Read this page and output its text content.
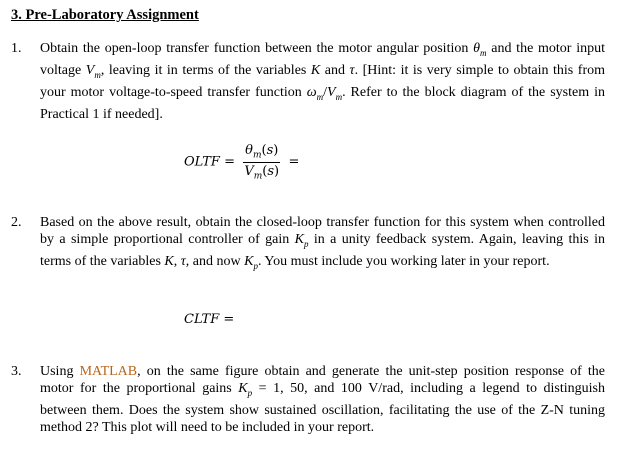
3. Pre-Laboratory Assignment
1.	Obtain the open-loop transfer function between the motor angular position $\theta_m$ and the motor input voltage $V_m$, leaving it in terms of the variables K and τ. [Hint: it is very simple to obtain this from your motor voltage-to-speed transfer function $\omega_m/V_m$. Refer to the block diagram of the system in Practical 1 if needed].
OLTF = $\frac{\theta_m(s)}{V_m(s)}$ =
2.	Based on the above result, obtain the closed-loop transfer function for this system when controlled by a simple proportional controller of gain $K_p$ in a unity feedback system. Again, leaving this in terms of the variables K, τ, and now $K_p$. You must include you working later in your report.
CLTF =
3.	Using MATLAB, on the same figure obtain and generate the unit-step position response of the motor for the proportional gains $K_p = 1$, 50, and 100 V/rad, including a legend to distinguish between them. Does the system show sustained oscillation, facilitating the use of the Z-N tuning method 2? This plot will need to be included in your report.
